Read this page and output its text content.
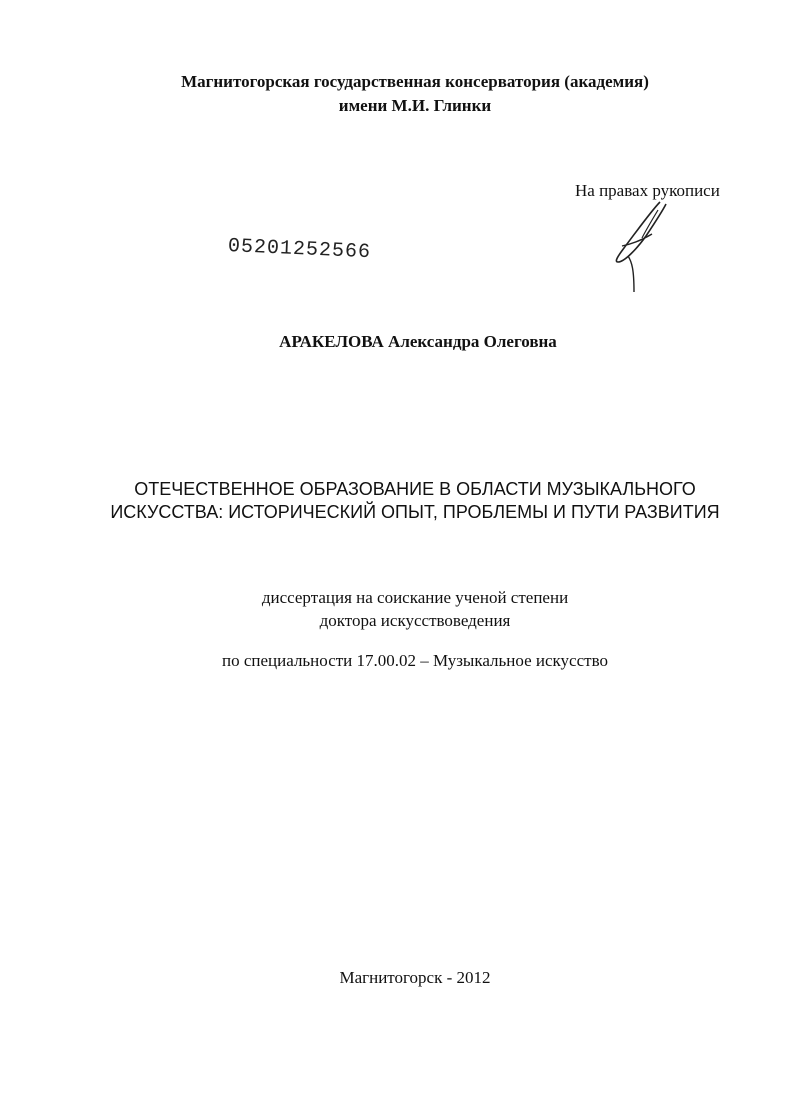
Магнитогорская государственная консерватория (академия)
имени М.И. Глинки
На правах рукописи
05201252566
АРАКЕЛОВА Александра Олеговна
ОТЕЧЕСТВЕННОЕ ОБРАЗОВАНИЕ В ОБЛАСТИ МУЗЫКАЛЬНОГО
ИСКУССТВА: ИСТОРИЧЕСКИЙ ОПЫТ, ПРОБЛЕМЫ И ПУТИ РАЗВИТИЯ
диссертация на соискание ученой степени
доктора искусствоведения
по специальности 17.00.02 – Музыкальное искусство
Магнитогорск - 2012
